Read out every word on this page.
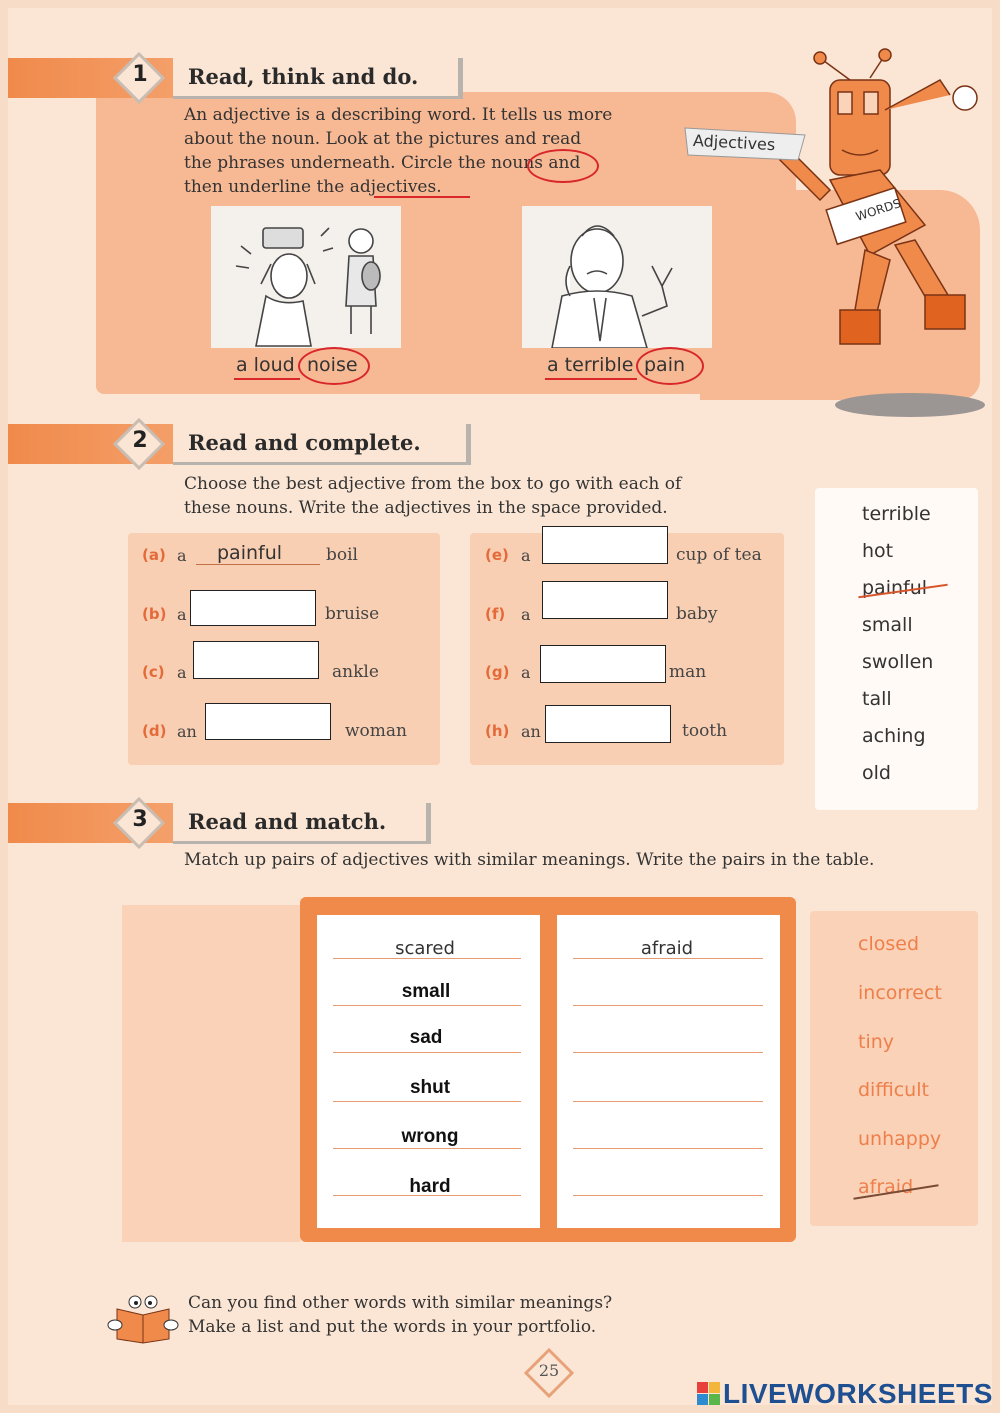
1	Read, think and do.
An adjective is a describing word. It tells us more
about the noun. Look at the pictures and read
the phrases underneath. Circle the nouns and
then underline the adjectives.
a loud noise	a terrible pain
Adjectives
WORDS
2	Read and complete.
Choose the best adjective from the box to go with each of
these nouns. Write the adjectives in the space provided.
(a) a painful	boil
(b) a	bruise
(c) a	ankle
(d) an	woman
(e) a	cup of tea
(f) a	baby
(g) a	man
(h) an	tooth
terrible
hot
painful
small
swollen
tall
aching
old
3	Read and match.
Match up pairs of adjectives with similar meanings. Write the pairs in the table.
scared	afraid
small
sad
shut
wrong
hard
closed
incorrect
tiny
difficult
unhappy
afraid
Can you find other words with similar meanings?
Make a list and put the words in your portfolio.
25
LIVEWORKSHEETS
